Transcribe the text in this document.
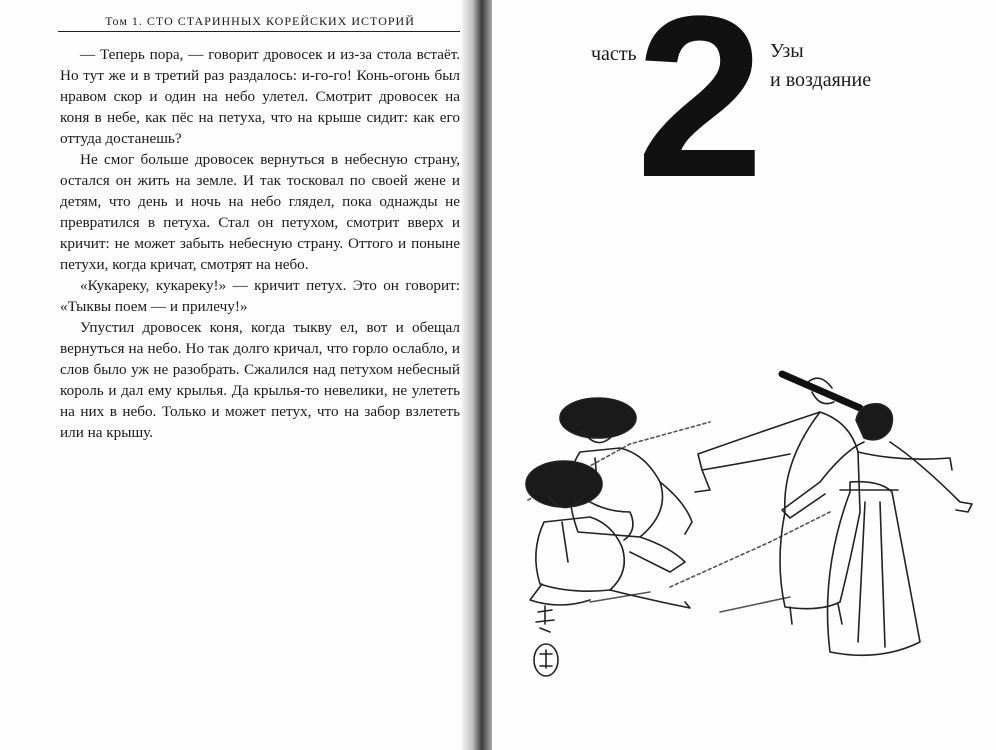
Том 1. СТО СТАРИННЫХ КОРЕЙСКИХ ИСТОРИЙ

— Теперь пора, — говорит дровосек и из-за стола встаёт. Но тут же и в третий раз раздалось: и-го-го! Конь-огонь был нравом скор и один на небо улетел. Смотрит дровосек на коня в небе, как пёс на петуха, что на крыше сидит: как его оттуда достанешь?

Не смог больше дровосек вернуться в небесную страну, остался он жить на земле. И так тосковал по своей жене и детям, что день и ночь на небо глядел, пока однажды не превратился в петуха. Стал он петухом, смотрит вверх и кричит: не может забыть небесную страну. Оттого и поныне петухи, когда кричат, смотрят на небо.

«Кукареку, кукареку!» — кричит петух. Это он говорит: «Тыквы поем — и прилечу!»

Упустил дровосек коня, когда тыкву ел, вот и обещал вернуться на небо. Но так долго кричал, что горло ослабло, и слов было уж не разобрать. Сжалился над петухом небесный король и дал ему крылья. Да крылья-то невелики, не улететь на них в небо. Только и может петух, что на забор взлететь или на крышу.

часть 2 Узы
и воздаяние
